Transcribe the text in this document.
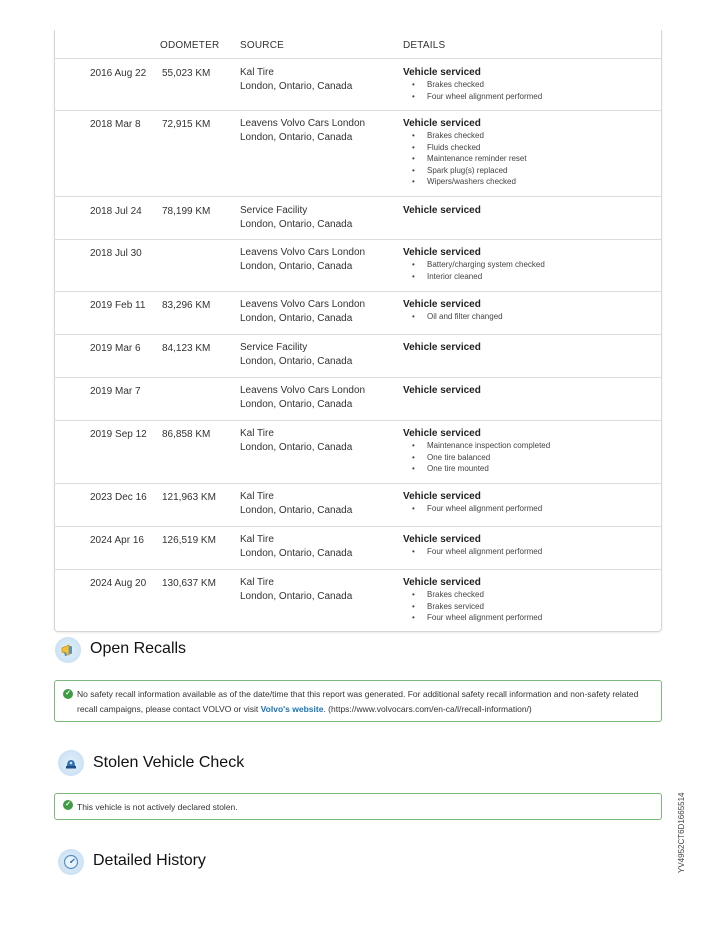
ODOMETER SOURCE	DETAILS
2016 Aug 22 55,023 KM	Kal Tire
London, Ontario, Canada
Vehicle serviced
• Brakes checked
• Four wheel alignment performed
2018 Mar 8 72,915 KM	Leavens Volvo Cars London
London, Ontario, Canada
Vehicle serviced
• Brakes checked
• Fluids checked
• Maintenance reminder reset
• Spark plug(s) replaced
• Wipers/washers checked
2018 Jul 24 78,199 KM	Service Facility
London, Ontario, Canada
Vehicle serviced
2018 Jul 30	Leavens Volvo Cars London
London, Ontario, Canada
Vehicle serviced
• Battery/charging system checked
• Interior cleaned
2019 Feb 11 83,296 KM	Leavens Volvo Cars London
London, Ontario, Canada
Vehicle serviced
• Oil and filter changed
2019 Mar 6 84,123 KM	Service Facility
London, Ontario, Canada
Vehicle serviced
2019 Mar 7	Leavens Volvo Cars London
London, Ontario, Canada
Vehicle serviced
2019 Sep 12 86,858 KM	Kal Tire
London, Ontario, Canada
Vehicle serviced
• Maintenance inspection completed
• One tire balanced
• One tire mounted
2023 Dec 16 121,963 KM Kal Tire
London, Ontario, Canada
Vehicle serviced
• Four wheel alignment performed
2024 Apr 16 126,519 KM Kal Tire
London, Ontario, Canada
Vehicle serviced
• Four wheel alignment performed
2024 Aug 20 130,637 KM Kal Tire
London, Ontario, Canada
Vehicle serviced
• Brakes checked
• Brakes serviced
• Four wheel alignment performed
Open Recalls
✓ No safety recall information available as of the date/time that this report was generated. For additional safety recall information and non-safety related recall campaigns, please contact VOLVO or visit Volvo's website. (https://www.volvocars.com/en-ca/l/recall-information/)
Stolen Vehicle Check
✓ This vehicle is not actively declared stolen.
Detailed History	YV4952CT6D1665514
